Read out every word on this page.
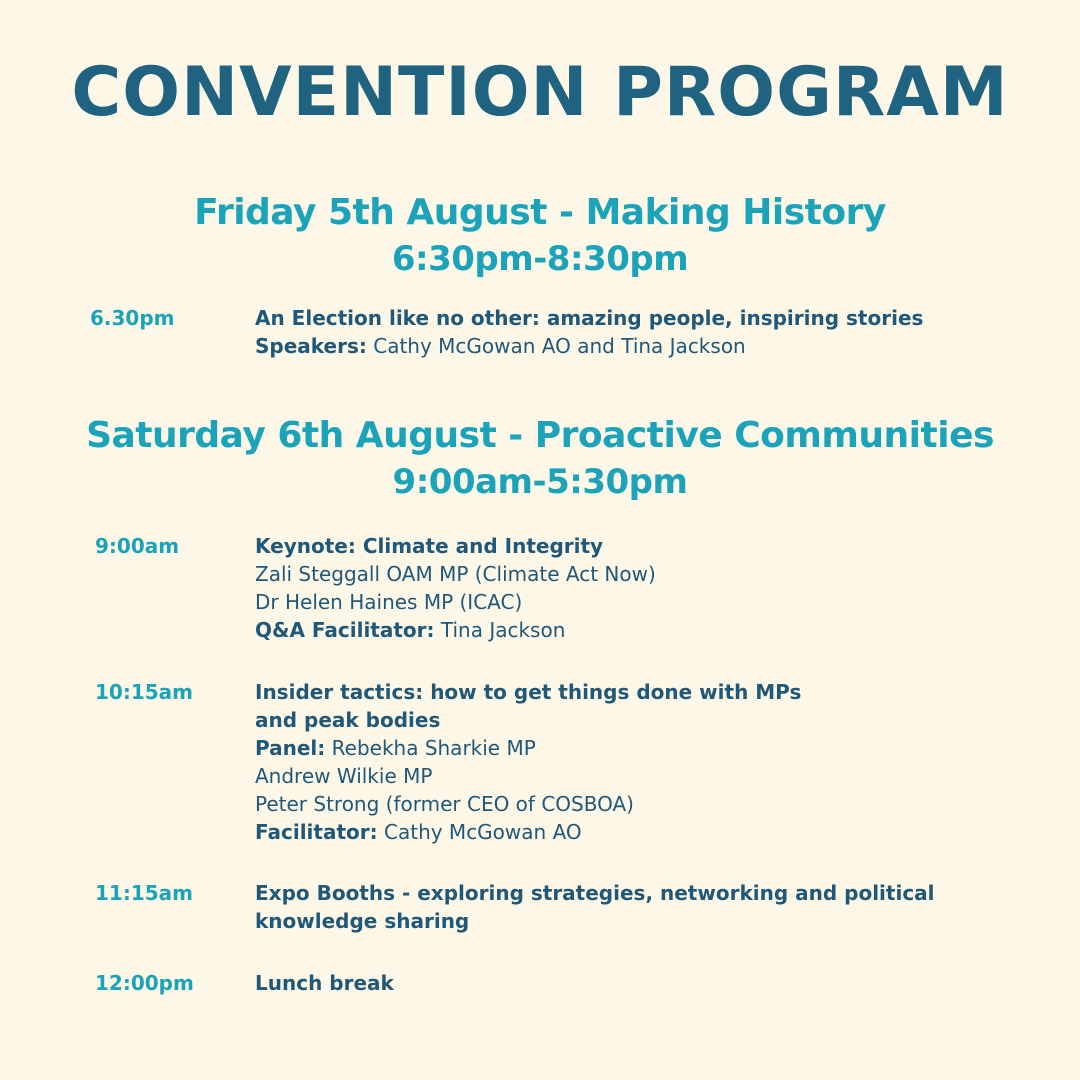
CONVENTION PROGRAM
Friday 5th August - Making History
6:30pm-8:30pm
6.30pm	An Election like no other: amazing people, inspiring stories
Speakers: Cathy McGowan AO and Tina Jackson
Saturday 6th August - Proactive Communities
9:00am-5:30pm
9:00am	Keynote: Climate and Integrity
Zali Steggall OAM MP (Climate Act Now)
Dr Helen Haines MP (ICAC)
Q&A Facilitator: Tina Jackson
10:15am	Insider tactics: how to get things done with MPs
and peak bodies
Panel: Rebekha Sharkie MP
Andrew Wilkie MP
Peter Strong (former CEO of COSBOA)
Facilitator: Cathy McGowan AO
11:15am	Expo Booths - exploring strategies, networking and political
knowledge sharing
12:00pm	Lunch break
